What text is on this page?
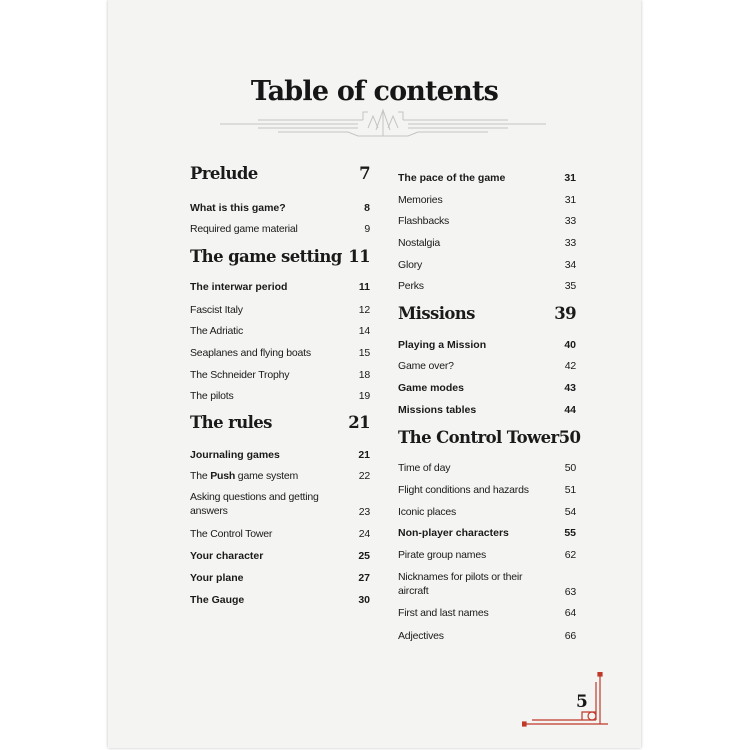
Table of contents
Prelude	7
What is this game?	8
Required game material	9
The game setting 11
The interwar period	11
Fascist Italy	12
The Adriatic	14
Seaplanes and flying boats	15
The Schneider Trophy	18
The pilots	19
The rules	21
Journaling games	21
The Push game system	22
Asking questions and getting answers	23
The Control Tower	24
Your character	25
Your plane	27
The Gauge	30
The pace of the game	31
Memories	31
Flashbacks	33
Nostalgia	33
Glory	34
Perks	35
Missions	39
Playing a Mission	40
Game over?	42
Game modes	43
Missions tables	44
The Control Tower 50
Time of day	50
Flight conditions and hazards	51
Iconic places	54
Non-player characters	55
Pirate group names	62
Nicknames for pilots or their aircraft	63
First and last names	64
Adjectives	66
5
